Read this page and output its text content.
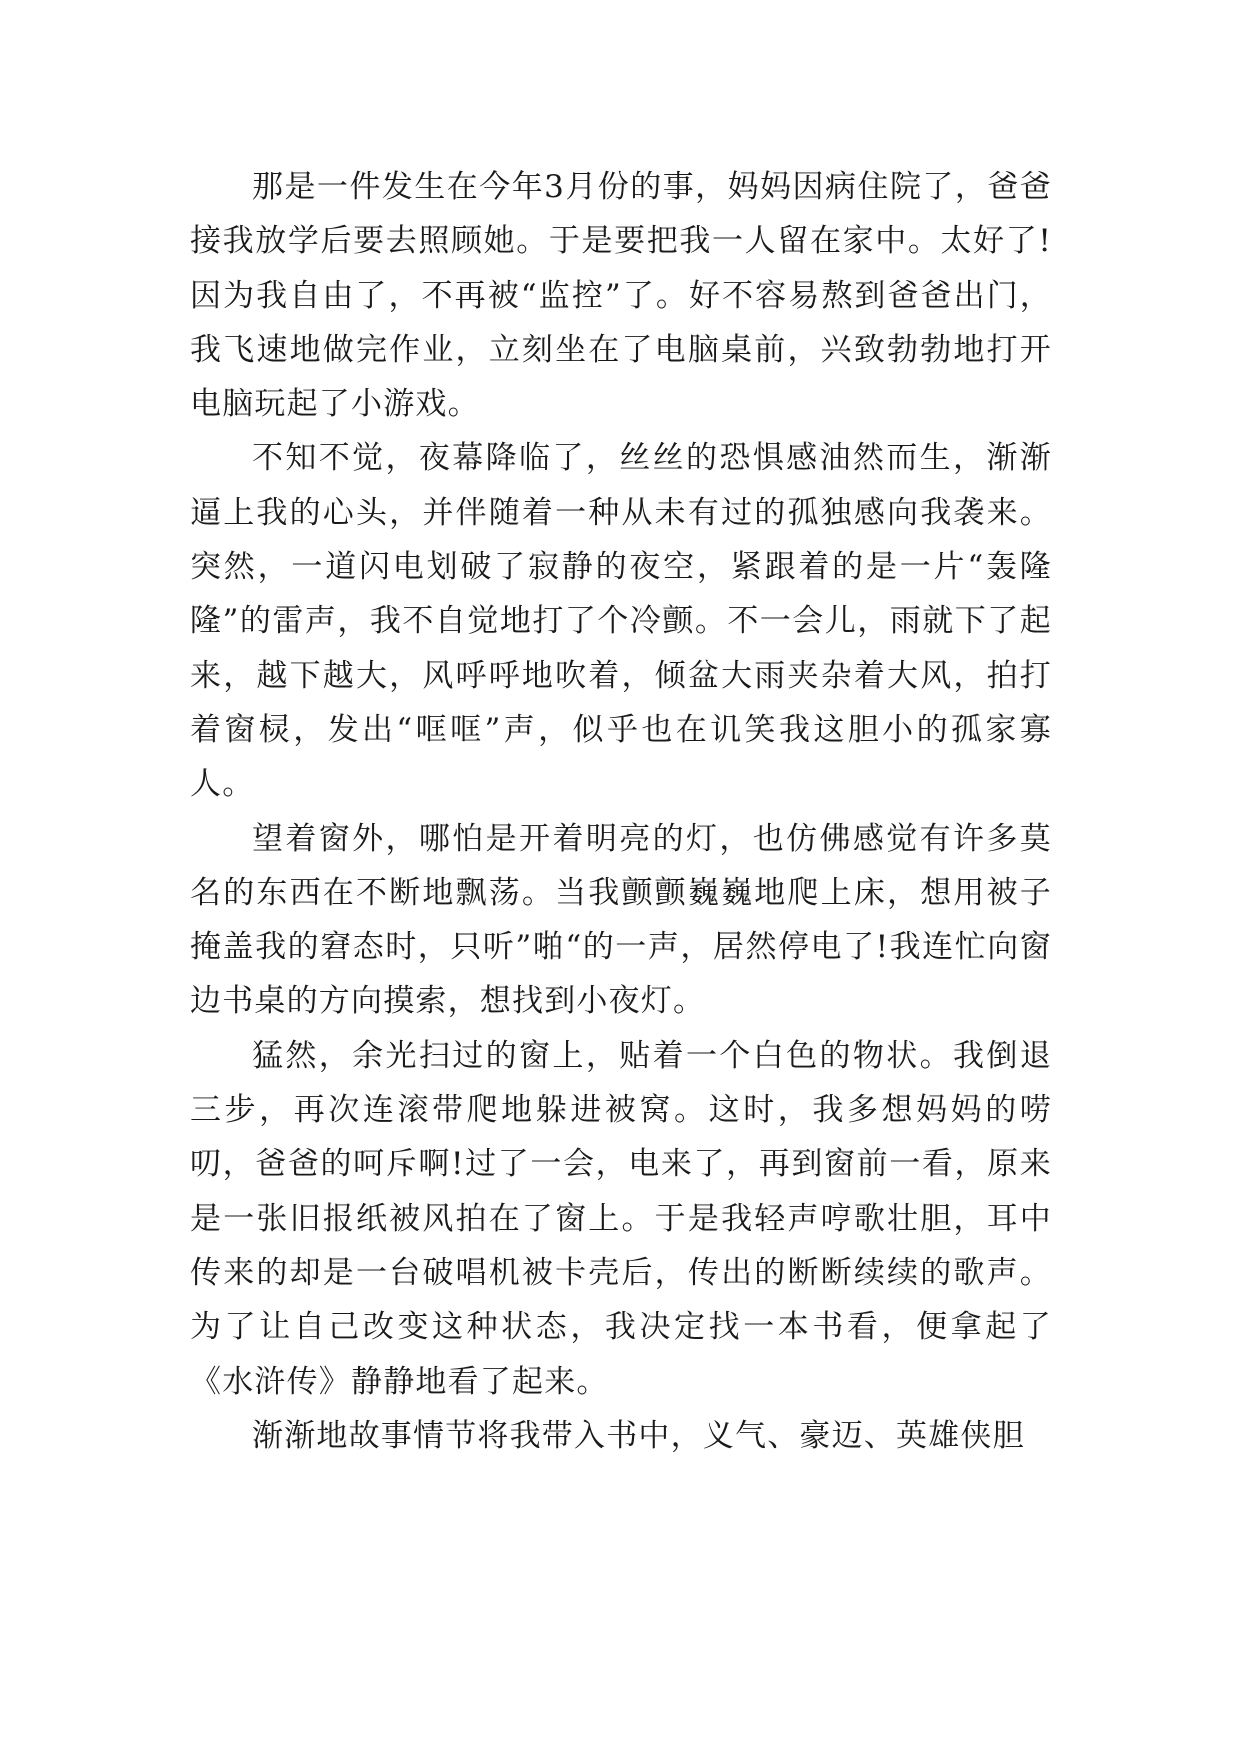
那是一件发生在今年3月份的事，妈妈因病住院了，爸爸接我放学后要去照顾她。于是要把我一人留在家中。太好了!因为我自由了，不再被“监控”了。好不容易熬到爸爸出门，我飞速地做完作业，立刻坐在了电脑桌前，兴致勃勃地打开电脑玩起了小游戏。

不知不觉，夜幕降临了，丝丝的恐惧感油然而生，渐渐逼上我的心头，并伴随着一种从未有过的孤独感向我袭来。突然，一道闪电划破了寂静的夜空，紧跟着的是一片“轰隆隆”的雷声，我不自觉地打了个冷颤。不一会儿，雨就下了起来，越下越大，风呼呼地吹着，倾盆大雨夹杂着大风，拍打着窗棂，发出“哐哐”声，似乎也在讥笑我这胆小的孤家寡人。

望着窗外，哪怕是开着明亮的灯，也仿佛感觉有许多莫名的东西在不断地飘荡。当我颤颤巍巍地爬上床，想用被子掩盖我的窘态时，只听”啪“的一声，居然停电了!我连忙向窗边书桌的方向摸索，想找到小夜灯。

猛然，余光扫过的窗上，贴着一个白色的物状。我倒退三步，再次连滚带爬地躲进被窝。这时，我多想妈妈的唠叨，爸爸的呵斥啊!过了一会，电来了，再到窗前一看，原来是一张旧报纸被风拍在了窗上。于是我轻声哼歌壮胆，耳中传来的却是一台破唱机被卡壳后，传出的断断续续的歌声。为了让自己改变这种状态，我决定找一本书看，便拿起了《水浒传》静静地看了起来。

渐渐地故事情节将我带入书中，义气、豪迈、英雄侠胆
